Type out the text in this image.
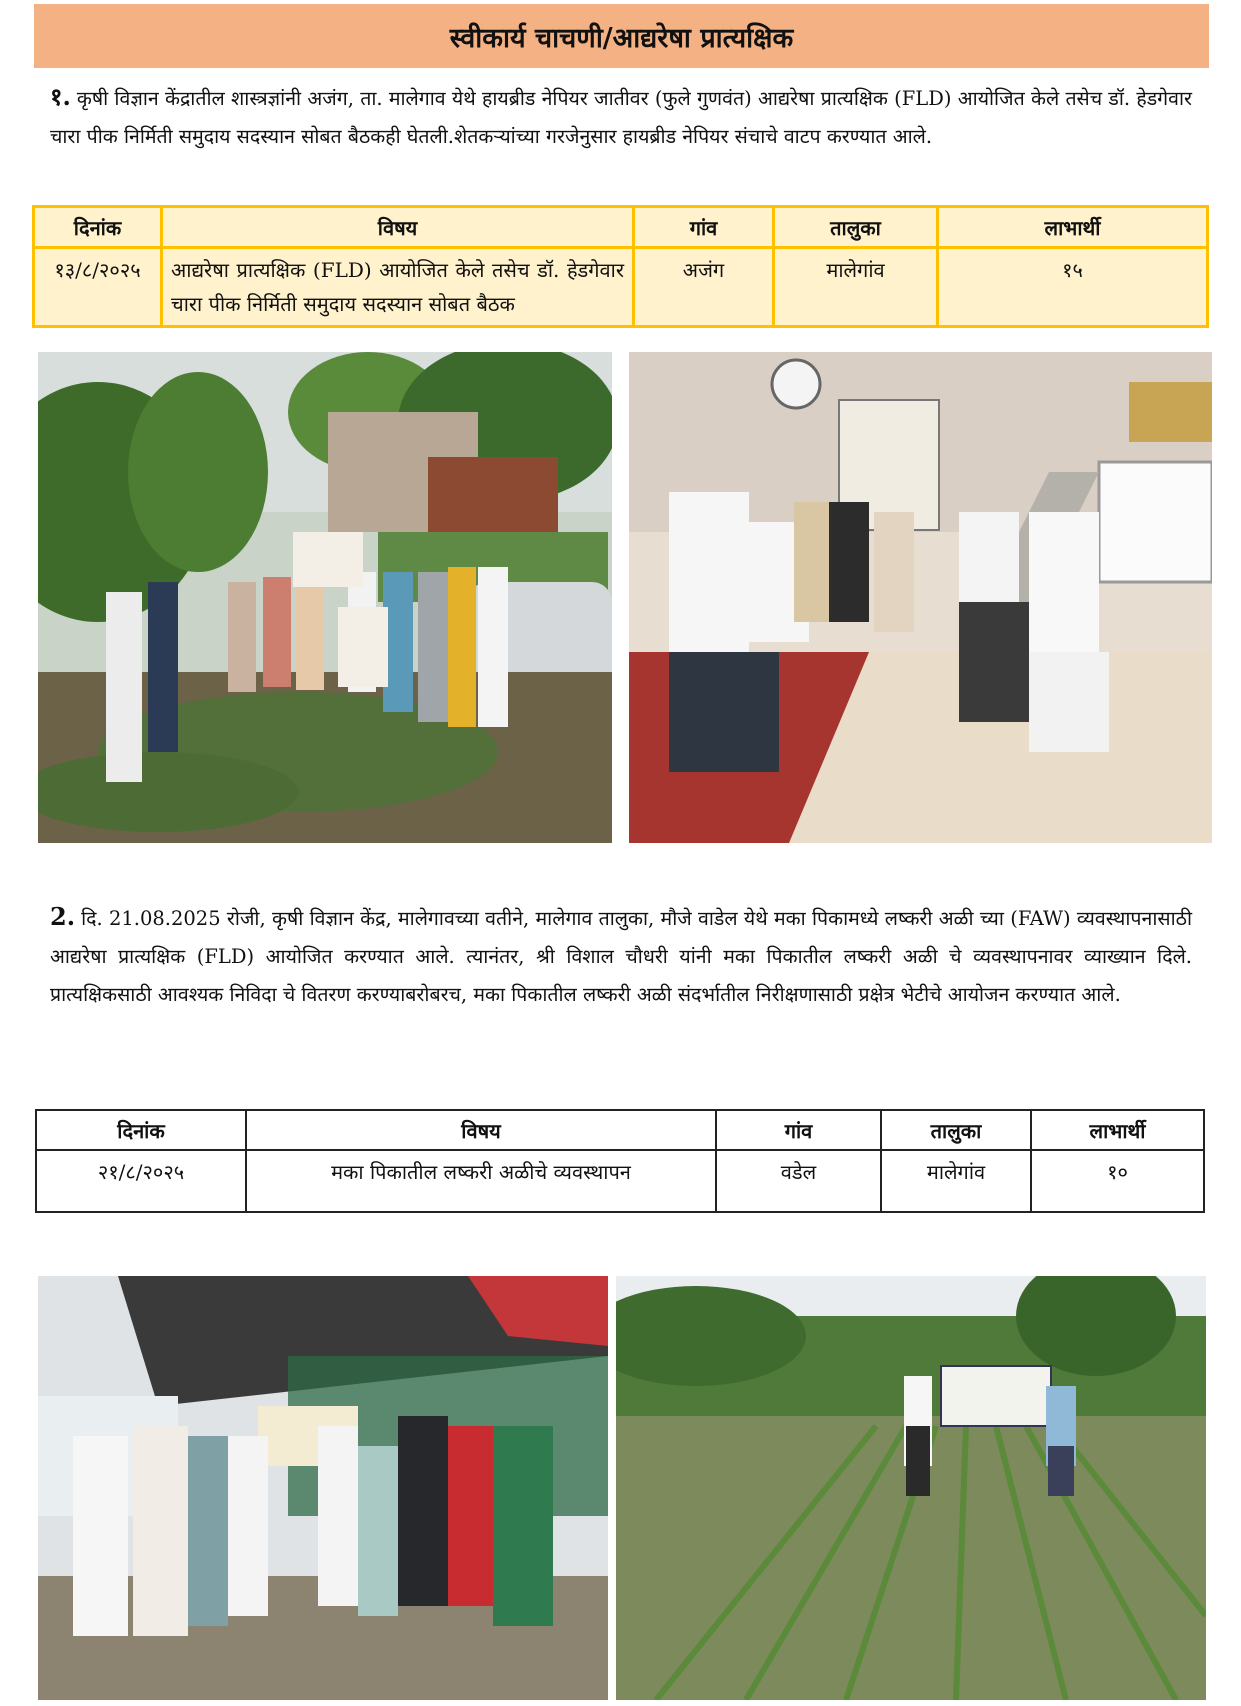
स्वीकार्य चाचणी/आद्यरेषा प्रात्यक्षिक

१. कृषी विज्ञान केंद्रातील शास्त्रज्ञांनी अजंग, ता. मालेगाव येथे हायब्रीड नेपियर जातीवर (फुले गुणवंत) आद्यरेषा प्रात्यक्षिक (FLD) आयोजित केले तसेच डॉ. हेडगेवार चारा पीक निर्मिती समुदाय सदस्यान सोबत बैठकही घेतली.शेतकऱ्यांच्या गरजेनुसार हायब्रीड नेपियर संचाचे वाटप करण्यात आले.

दिनांक	विषय	गांव	तालुका	लाभार्थी
१३/८/२०२५	आद्यरेषा प्रात्यक्षिक (FLD) आयोजित केले तसेच डॉ. हेडगेवार चारा पीक निर्मिती समुदाय सदस्यान सोबत बैठक	अजंग	मालेगांव	१५

2. दि. 21.08.2025 रोजी, कृषी विज्ञान केंद्र, मालेगावच्या वतीने, मालेगाव तालुका, मौजे वाडेल येथे मका पिकामध्ये लष्करी अळी च्या (FAW) व्यवस्थापनासाठी आद्यरेषा प्रात्यक्षिक (FLD) आयोजित करण्यात आले. त्यानंतर, श्री विशाल चौधरी यांनी मका पिकातील लष्करी अळी चे व्यवस्थापनावर व्याख्यान दिले. प्रात्यक्षिकसाठी आवश्यक निविदा चे वितरण करण्याबरोबरच, मका पिकातील लष्करी अळी संदर्भातील निरीक्षणासाठी प्रक्षेत्र भेटीचे आयोजन करण्यात आले.

दिनांक	विषय	गांव	तालुका	लाभार्थी
२१/८/२०२५	मका पिकातील लष्करी अळीचे व्यवस्थापन	वडेल	मालेगांव	१०
